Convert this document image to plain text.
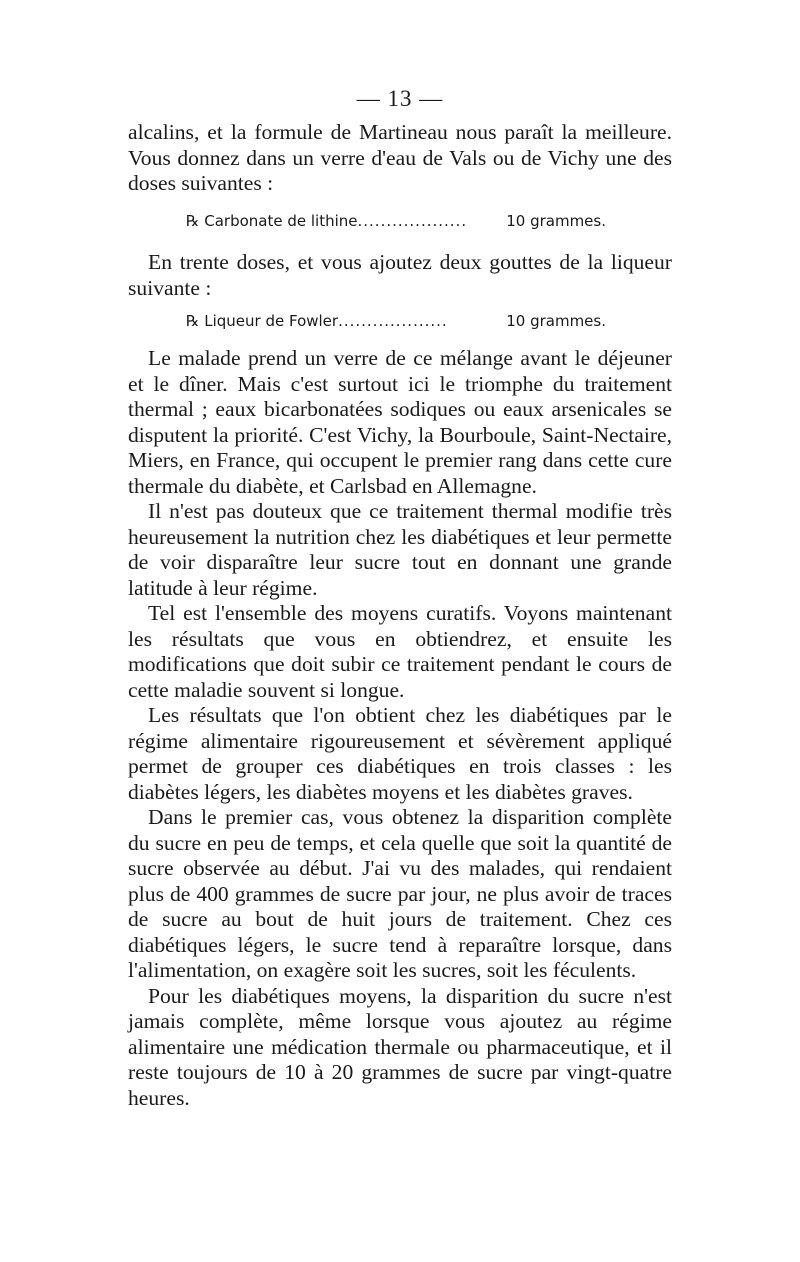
— 13 —

alcalins, et la formule de Martineau nous paraît la meilleure. Vous donnez dans un verre d'eau de Vals ou de Vichy une des doses suivantes :

℞
Carbonate de lithine ...................	10 grammes.

En trente doses, et vous ajoutez deux gouttes de la liqueur suivante :

℞
Liqueur de Fowler ...................	10 grammes.

Le malade prend un verre de ce mélange avant le déjeuner et le dîner. Mais c'est surtout ici le triomphe du traitement thermal ; eaux bicarbonatées sodiques ou eaux arsenicales se disputent la priorité. C'est Vichy, la Bourboule, Saint-Nectaire, Miers, en France, qui occupent le premier rang dans cette cure thermale du diabète, et Carlsbad en Allemagne.

Il n'est pas douteux que ce traitement thermal modifie très heureusement la nutrition chez les diabétiques et leur permette de voir disparaître leur sucre tout en donnant une grande latitude à leur régime.

Tel est l'ensemble des moyens curatifs. Voyons maintenant les résultats que vous en obtiendrez, et ensuite les modifications que doit subir ce traitement pendant le cours de cette maladie souvent si longue.

Les résultats que l'on obtient chez les diabétiques par le régime alimentaire rigoureusement et sévèrement appliqué permet de grouper ces diabétiques en trois classes : les diabètes légers, les diabètes moyens et les diabètes graves.

Dans le premier cas, vous obtenez la disparition complète du sucre en peu de temps, et cela quelle que soit la quantité de sucre observée au début. J'ai vu des malades, qui rendaient plus de 400 grammes de sucre par jour, ne plus avoir de traces de sucre au bout de huit jours de traitement. Chez ces diabétiques légers, le sucre tend à reparaître lorsque, dans l'alimentation, on exagère soit les sucres, soit les féculents.

Pour les diabétiques moyens, la disparition du sucre n'est jamais complète, même lorsque vous ajoutez au régime alimentaire une médication thermale ou pharmaceutique, et il reste toujours de 10 à 20 grammes de sucre par vingt-quatre heures.
